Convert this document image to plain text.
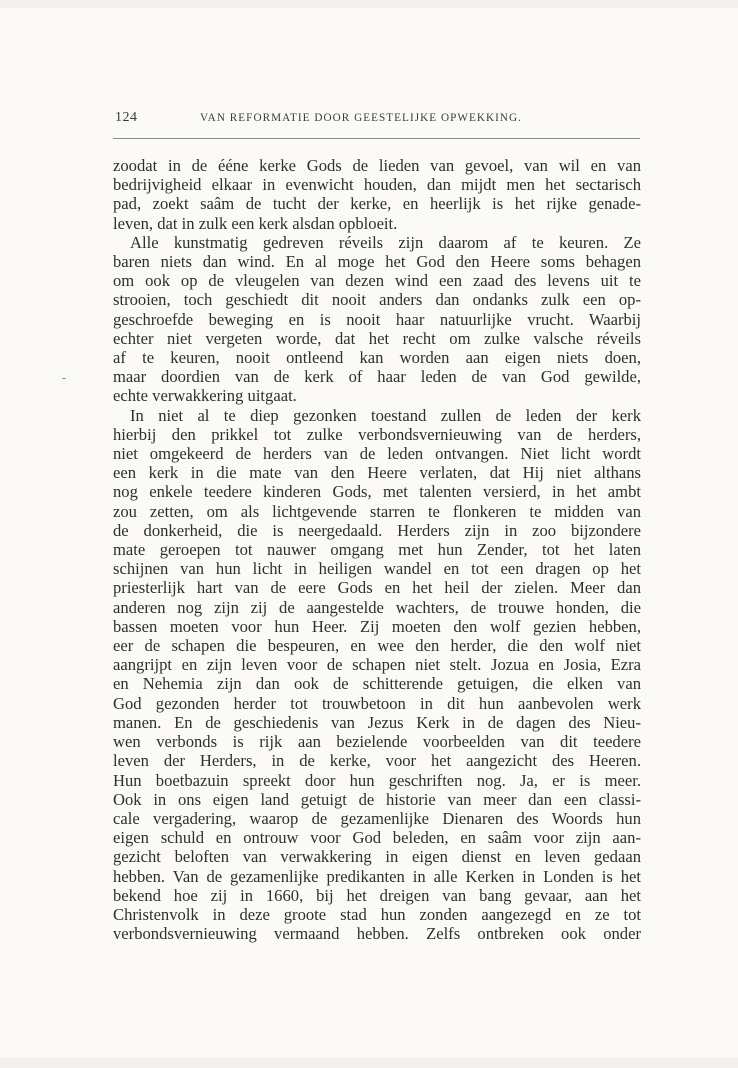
124	VAN REFORMATIE DOOR GEESTELIJKE OPWEKKING.
zoodat in de ééne kerke Gods de lieden van gevoel, van wil en van
bedrijvigheid elkaar in evenwicht houden, dan mijdt men het sectarisch
pad, zoekt saâm de tucht der kerke, en heerlijk is het rijke genade-
leven, dat in zulk een kerk alsdan opbloeit.
Alle kunstmatig gedreven réveils zijn daarom af te keuren. Ze
baren niets dan wind. En al moge het God den Heere soms behagen
om ook op de vleugelen van dezen wind een zaad des levens uit te
strooien, toch geschiedt dit nooit anders dan ondanks zulk een op-
geschroefde beweging en is nooit haar natuurlijke vrucht. Waarbij
echter niet vergeten worde, dat het recht om zulke valsche réveils
af te keuren, nooit ontleend kan worden aan eigen niets doen,
maar doordien van de kerk of haar leden de van God gewilde,
echte verwakkering uitgaat.
In niet al te diep gezonken toestand zullen de leden der kerk
hierbij den prikkel tot zulke verbondsvernieuwing van de herders,
niet omgekeerd de herders van de leden ontvangen. Niet licht wordt
een kerk in die mate van den Heere verlaten, dat Hij niet althans
nog enkele teedere kinderen Gods, met talenten versierd, in het ambt
zou zetten, om als lichtgevende starren te flonkeren te midden van
de donkerheid, die is neergedaald. Herders zijn in zoo bijzondere
mate geroepen tot nauwer omgang met hun Zender, tot het laten
schijnen van hun licht in heiligen wandel en tot een dragen op het
priesterlijk hart van de eere Gods en het heil der zielen. Meer dan
anderen nog zijn zij de aangestelde wachters, de trouwe honden, die
bassen moeten voor hun Heer. Zij moeten den wolf gezien hebben,
eer de schapen die bespeuren, en wee den herder, die den wolf niet
aangrijpt en zijn leven voor de schapen niet stelt. Jozua en Josia, Ezra
en Nehemia zijn dan ook de schitterende getuigen, die elken van
God gezonden herder tot trouwbetoon in dit hun aanbevolen werk
manen. En de geschiedenis van Jezus Kerk in de dagen des Nieu-
wen verbonds is rijk aan bezielende voorbeelden van dit teedere
leven der Herders, in de kerke, voor het aangezicht des Heeren.
Hun boetbazuin spreekt door hun geschriften nog. Ja, er is meer.
Ook in ons eigen land getuigt de historie van meer dan een classi-
cale vergadering, waarop de gezamenlijke Dienaren des Woords hun
eigen schuld en ontrouw voor God beleden, en saâm voor zijn aan-
gezicht beloften van verwakkering in eigen dienst en leven gedaan
hebben. Van de gezamenlijke predikanten in alle Kerken in Londen is het
bekend hoe zij in 1660, bij het dreigen van bang gevaar, aan het
Christenvolk in deze groote stad hun zonden aangezegd en ze tot
verbondsvernieuwing vermaand hebben. Zelfs ontbreken ook onder
